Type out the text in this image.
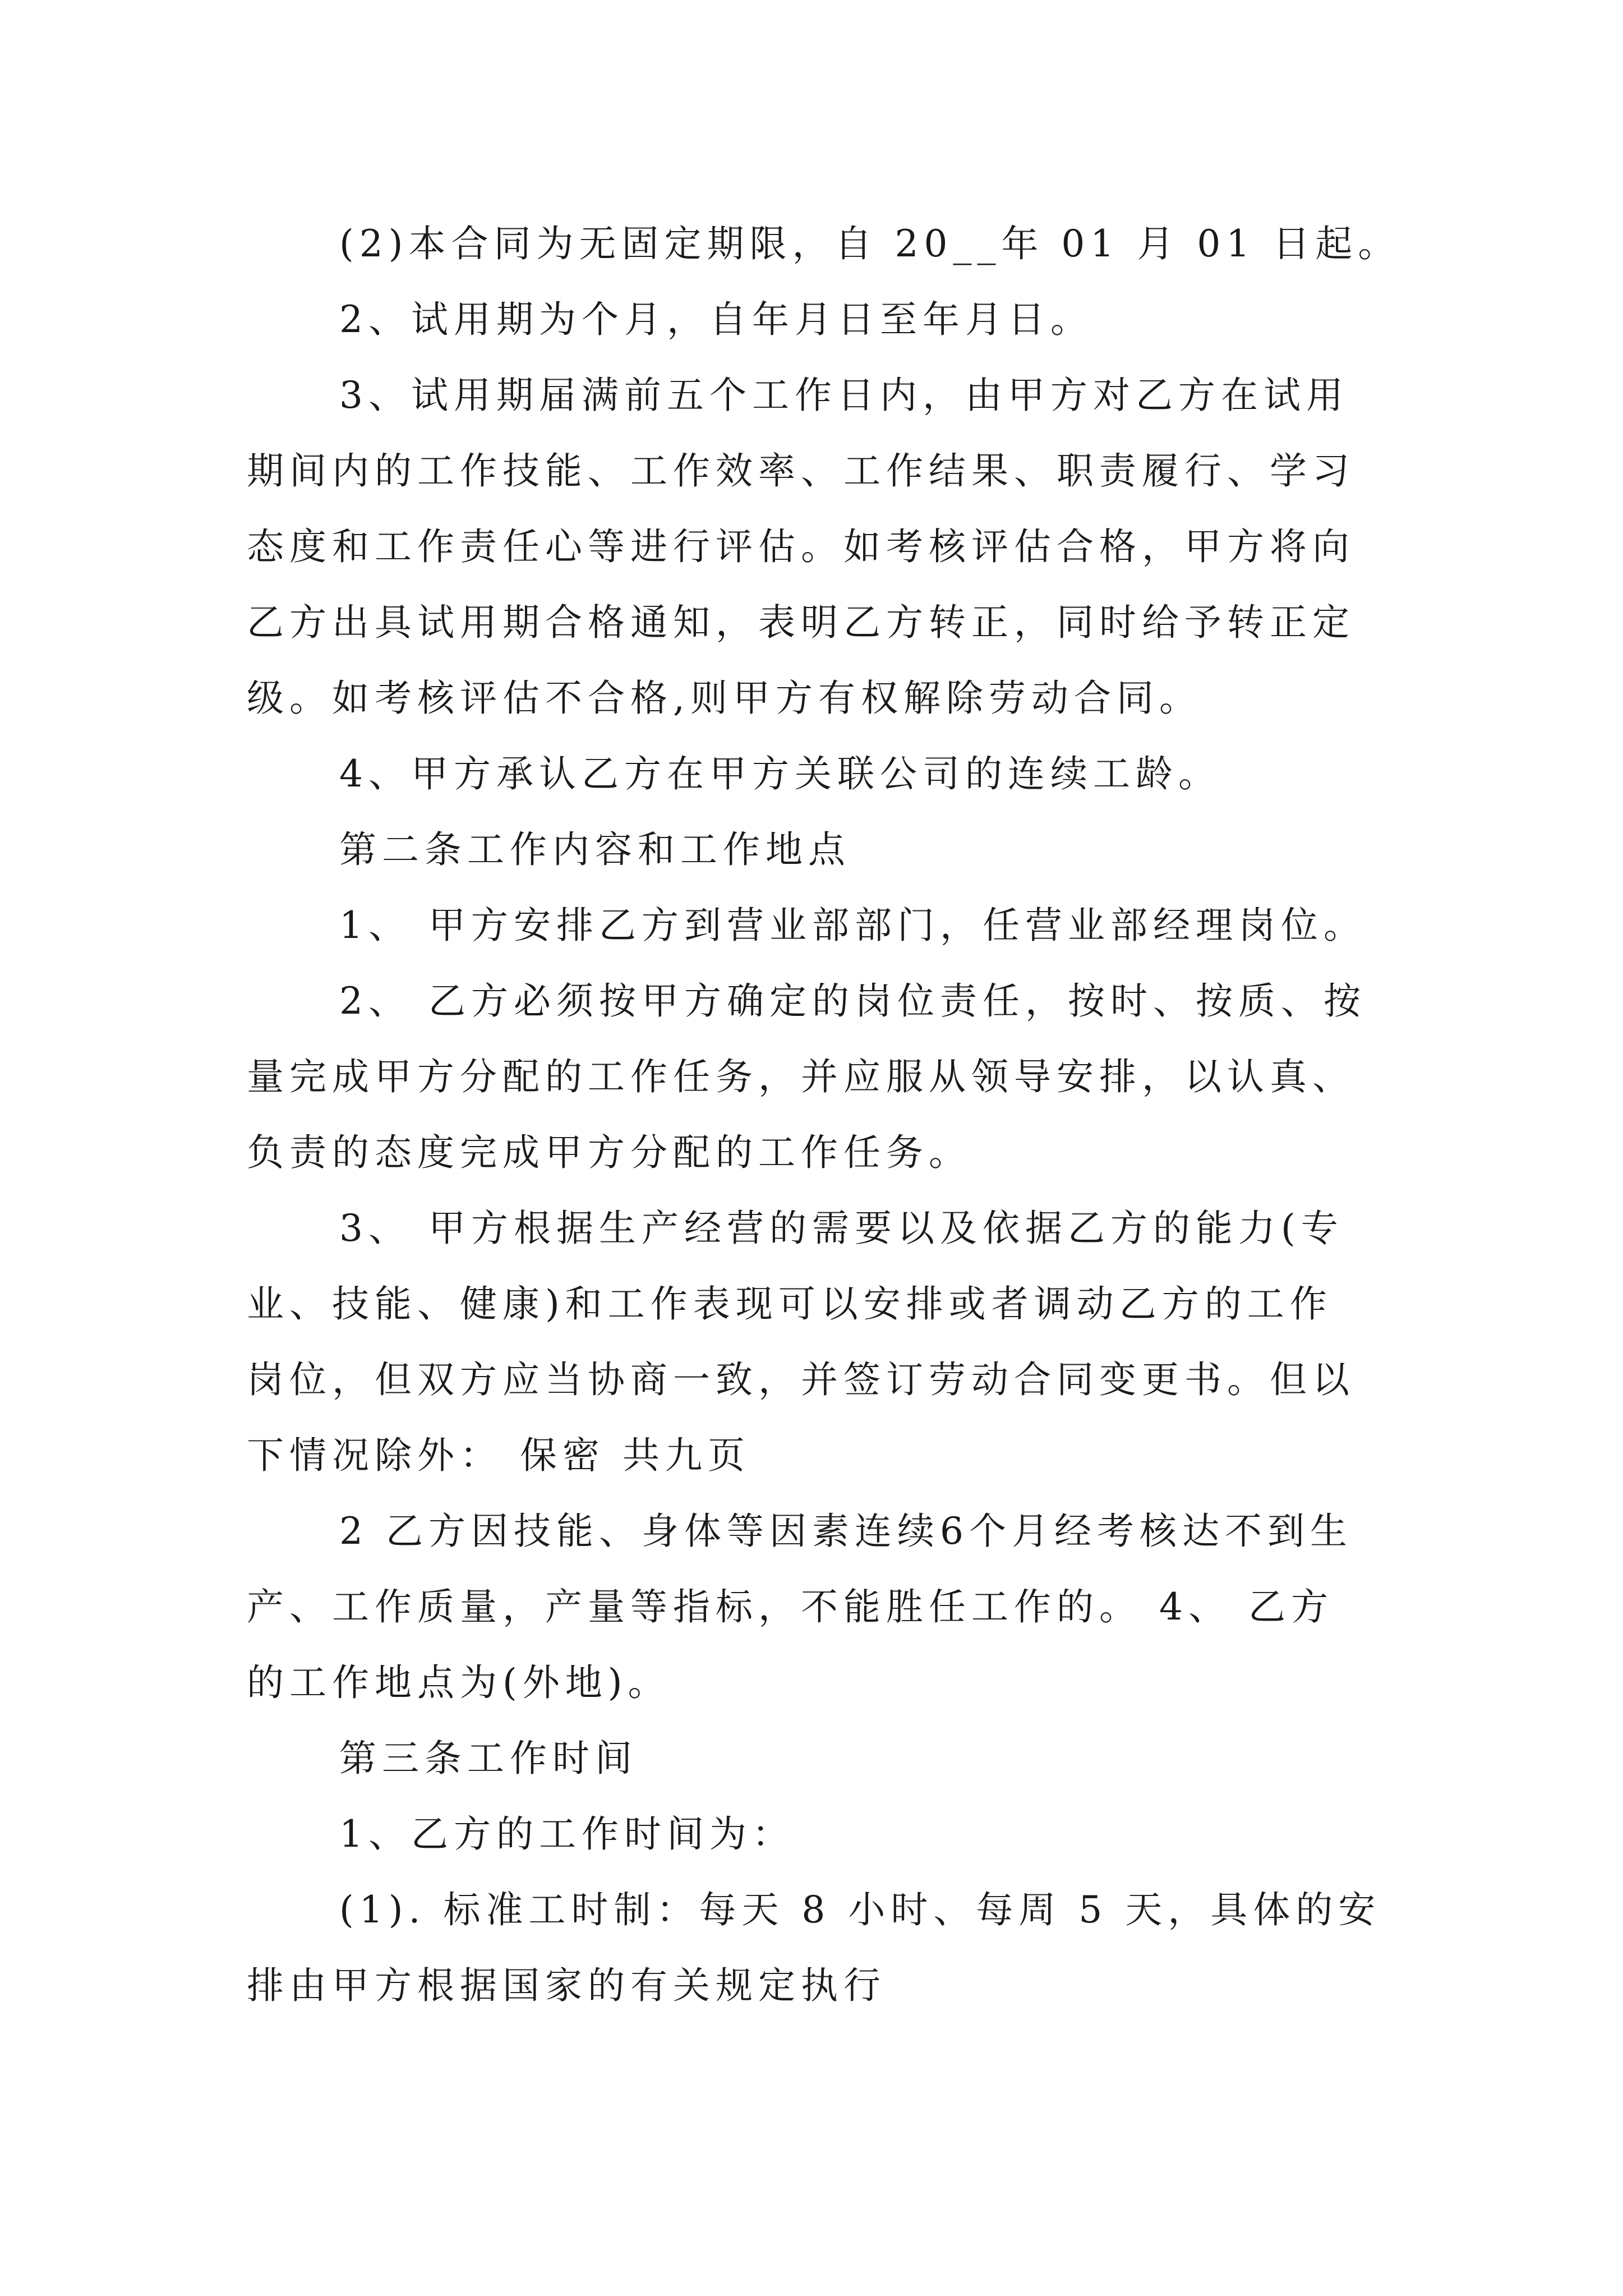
(2)本合同为无固定期限，自 20__年 01 月 01 日起。
2、试用期为个月，自年月日至年月日。
3、试用期届满前五个工作日内，由甲方对乙方在试用
期间内的工作技能、工作效率、工作结果、职责履行、学习
态度和工作责任心等进行评估。如考核评估合格，甲方将向
乙方出具试用期合格通知，表明乙方转正，同时给予转正定
级。如考核评估不合格,则甲方有权解除劳动合同。
4、甲方承认乙方在甲方关联公司的连续工龄。
第二条工作内容和工作地点
1、 甲方安排乙方到营业部部门，任营业部经理岗位。
2、 乙方必须按甲方确定的岗位责任，按时、按质、按
量完成甲方分配的工作任务，并应服从领导安排，以认真、
负责的态度完成甲方分配的工作任务。
3、 甲方根据生产经营的需要以及依据乙方的能力(专
业、技能、健康)和工作表现可以安排或者调动乙方的工作
岗位，但双方应当协商一致，并签订劳动合同变更书。但以
下情况除外： 保密 共九页
2 乙方因技能、身体等因素连续6个月经考核达不到生
产、工作质量，产量等指标，不能胜任工作的。 4、 乙方
的工作地点为(外地)。
第三条工作时间
1、乙方的工作时间为：
(1). 标准工时制：每天 8 小时、每周 5 天，具体的安
排由甲方根据国家的有关规定执行
